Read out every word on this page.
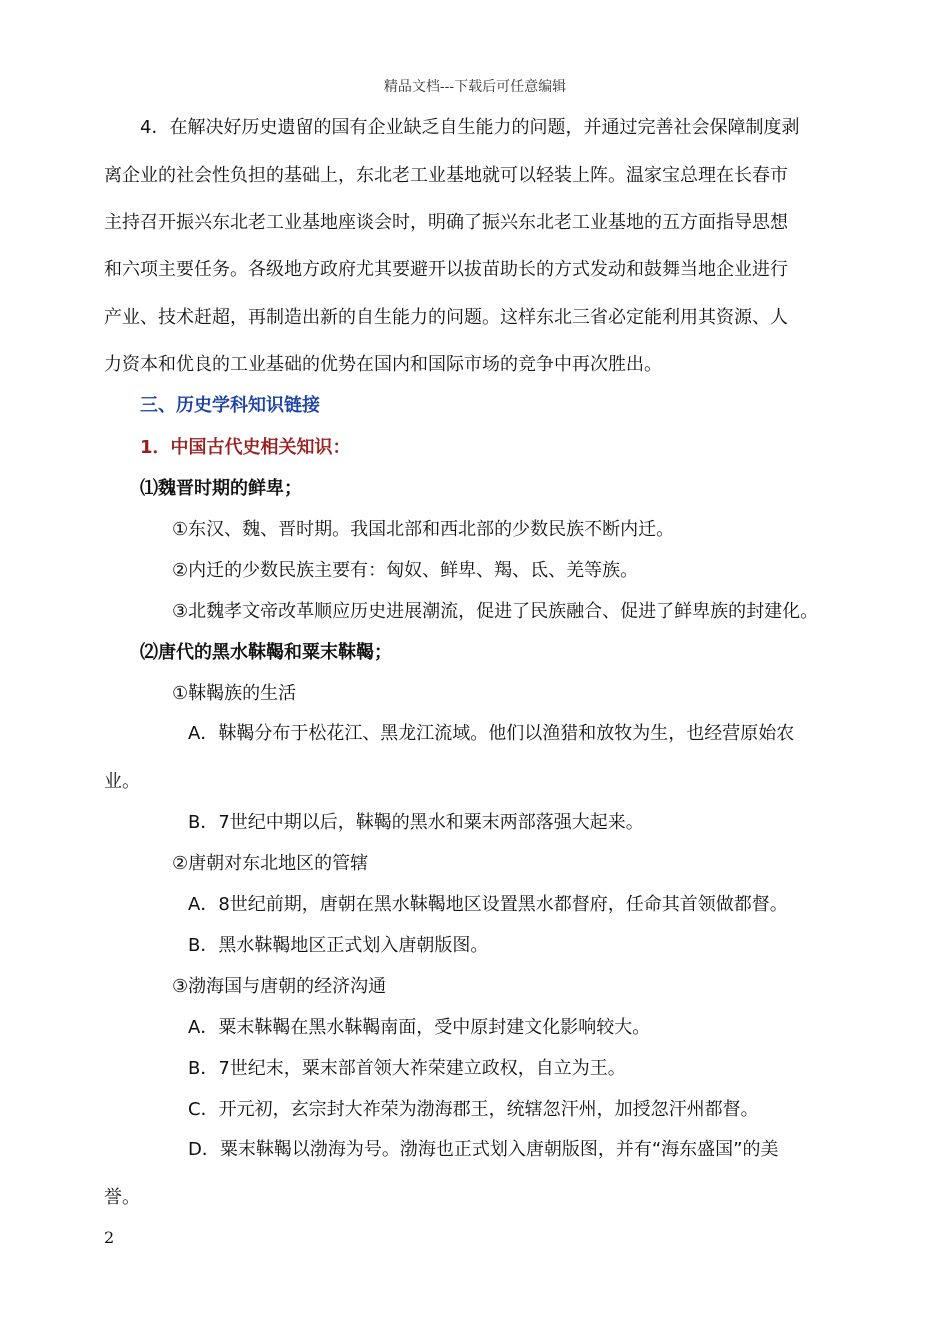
精品文档---下载后可任意编辑
4．在解决好历史遗留的国有企业缺乏自生能力的问题，并通过完善社会保障制度剥
离企业的社会性负担的基础上，东北老工业基地就可以轻装上阵。温家宝总理在长春市
主持召开振兴东北老工业基地座谈会时，明确了振兴东北老工业基地的五方面指导思想
和六项主要任务。各级地方政府尤其要避开以拔苗助长的方式发动和鼓舞当地企业进行
产业、技术赶超，再制造出新的自生能力的问题。这样东北三省必定能利用其资源、人
力资本和优良的工业基础的优势在国内和国际市场的竞争中再次胜出。
三、历史学科知识链接
1．中国古代史相关知识：
⑴魏晋时期的鲜卑；
①东汉、魏、晋时期。我国北部和西北部的少数民族不断内迁。
②内迁的少数民族主要有：匈奴、鲜卑、羯、氐、羌等族。
③北魏孝文帝改革顺应历史进展潮流，促进了民族融合、促进了鲜卑族的封建化。
⑵唐代的黑水靺鞨和粟末靺鞨；
①靺鞨族的生活
A．靺鞨分布于松花江、黑龙江流域。他们以渔猎和放牧为生，也经营原始农
业。
B．7世纪中期以后，靺鞨的黑水和粟末两部落强大起来。
②唐朝对东北地区的管辖
A．8世纪前期，唐朝在黑水靺鞨地区设置黑水都督府，任命其首领做都督。
B．黑水靺鞨地区正式划入唐朝版图。
③渤海国与唐朝的经济沟通
A．粟末靺鞨在黑水靺鞨南面，受中原封建文化影响较大。
B．7世纪末，粟末部首领大祚荣建立政权，自立为王。
C．开元初，玄宗封大祚荣为渤海郡王，统辖忽汗州，加授忽汗州都督。
D．粟末靺鞨以渤海为号。渤海也正式划入唐朝版图，并有“海东盛国”的美
誉。
2
